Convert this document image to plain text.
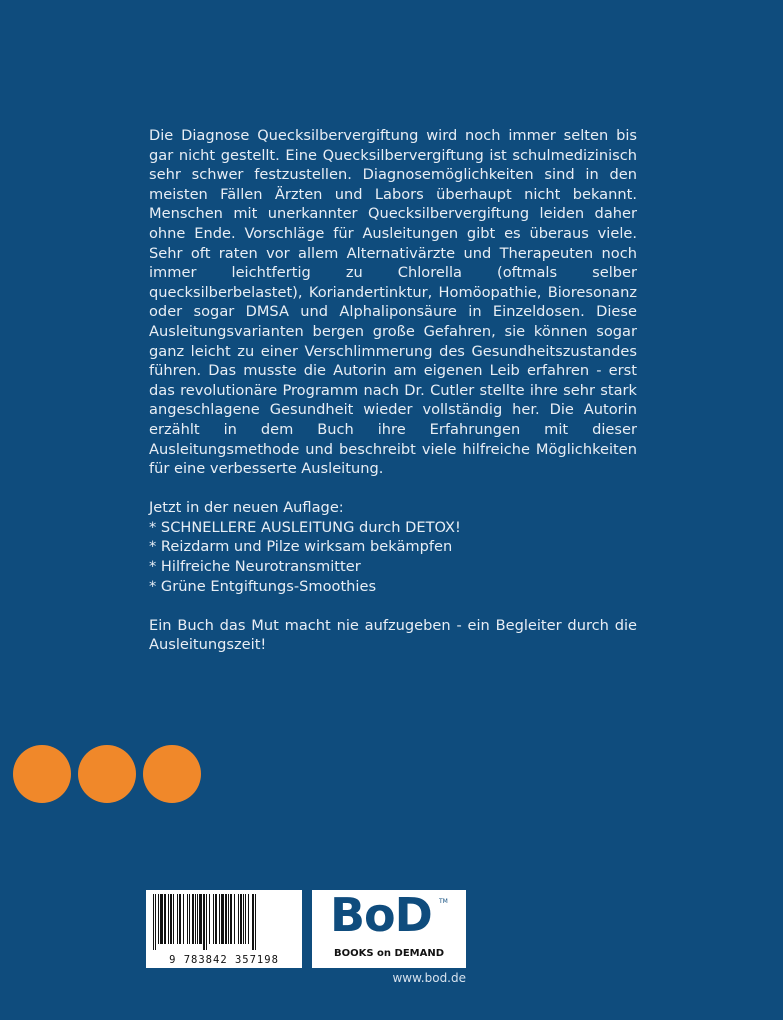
Die Diagnose Quecksilbervergiftung wird noch immer selten bis gar nicht gestellt. Eine Quecksilbervergiftung ist schulmedizinisch sehr schwer festzustellen. Diagnosemöglichkeiten sind in den meisten Fällen Ärzten und Labors überhaupt nicht bekannt. Menschen mit unerkannter Quecksilbervergiftung leiden daher ohne Ende. Vorschläge für Ausleitungen gibt es überaus viele. Sehr oft raten vor allem Alternativärzte und Therapeuten noch immer leichtfertig zu Chlorella (oftmals selber quecksilberbelastet), Koriandertinktur, Homöopathie, Bioresonanz oder sogar DMSA und Alphaliponsäure in Einzeldosen. Diese Ausleitungsvarianten bergen große Gefahren, sie können sogar ganz leicht zu einer Verschlimmerung des Gesundheitszustandes führen. Das musste die Autorin am eigenen Leib erfahren - erst das revolutionäre Programm nach Dr. Cutler stellte ihre sehr stark angeschlagene Gesundheit wieder vollständig her. Die Autorin erzählt in dem Buch ihre Erfahrungen mit dieser Ausleitungsmethode und beschreibt viele hilfreiche Möglichkeiten für eine verbesserte Ausleitung.

Jetzt in der neuen Auflage:
* SCHNELLERE AUSLEITUNG durch DETOX!
* Reizdarm und Pilze wirksam bekämpfen
* Hilfreiche Neurotransmitter
* Grüne Entgiftungs-Smoothies

Ein Buch das Mut macht nie aufzugeben - ein Begleiter durch die Ausleitungszeit!

9 783842 357198
BoD TM
BOOKS on DEMAND
www.bod.de
